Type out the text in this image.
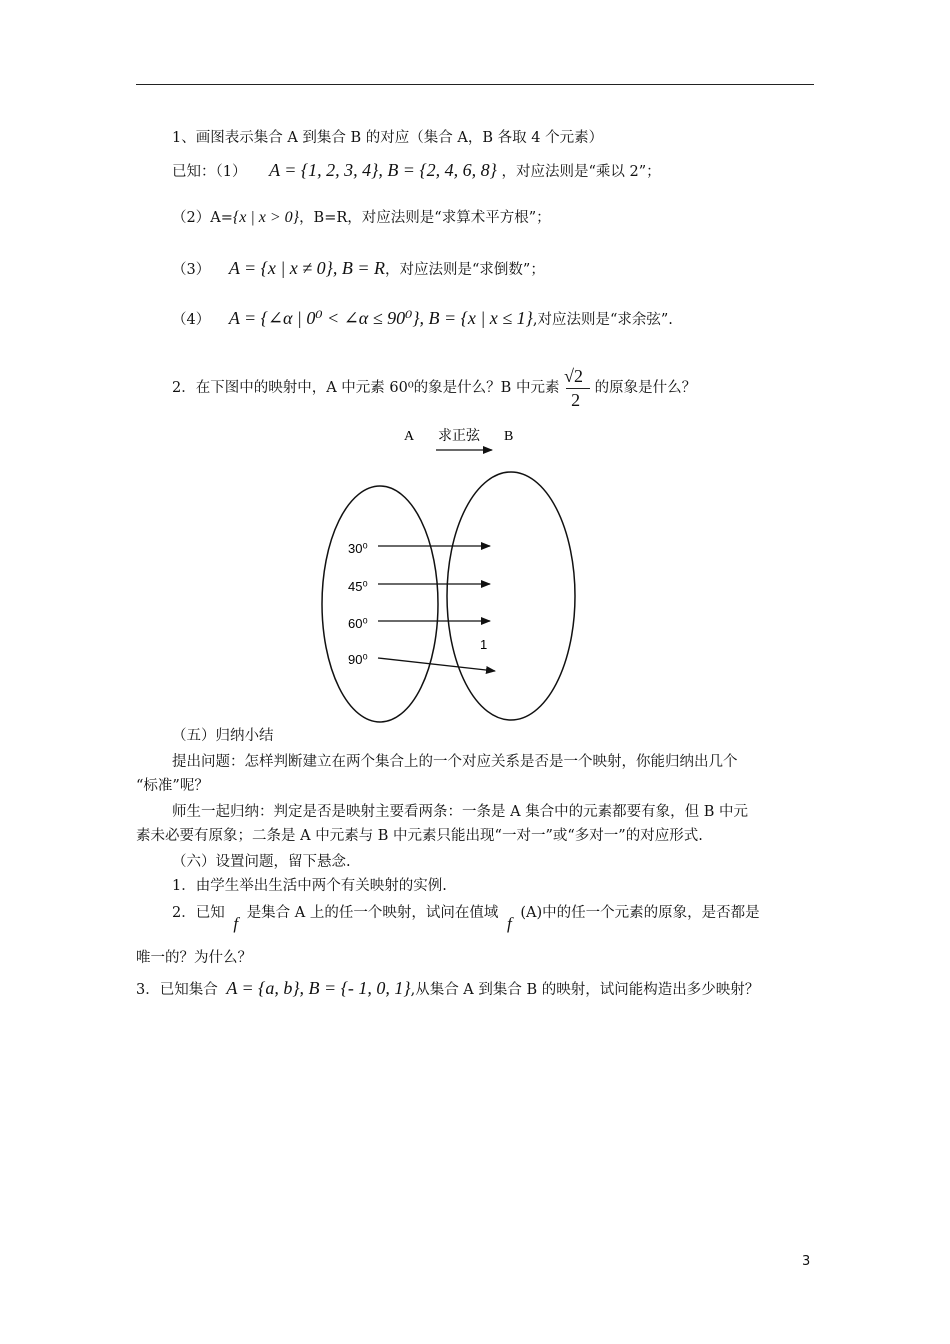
1、画图表示集合 A 到集合 B 的对应（集合 A，B 各取 4 个元素）
已知：（1） A = {1, 2, 3, 4}, B = {2, 4, 6, 8} ，对应法则是“乘以 2”；
（2）A={x | x > 0}，B=R，对应法则是“求算术平方根”；
（3） A = {x | x ≠ 0}, B = R，对应法则是“求倒数”；
（4） A = {∠α | 0⁰ < ∠α ≤ 90⁰}, B = {x | x ≤ 1},对应法则是“求余弦”.
2．在下图中的映射中，A 中元素 60⁰的象是什么？B 中元素 $\frac{√2}{2}$ 的原象是什么？
A 求正弦 B
30⁰
45⁰
60⁰
1
90⁰
（五）归纳小结
提出问题：怎样判断建立在两个集合上的一个对应关系是否是一个映射，你能归纳出几个
“标准”呢？
师生一起归纳：判定是否是映射主要看两条：一条是 A 集合中的元素都要有象，但 B 中元
素未必要有原象；二条是 A 中元素与 B 中元素只能出现“一对一”或“多对一”的对应形式.
（六）设置问题，留下悬念.
1．由学生举出生活中两个有关映射的实例.
2．已知 f 是集合 A 上的任一个映射，试问在值域 f (A)中的任一个元素的原象，是否都是
唯一的？为什么？
3．已知集合 A = {a, b}, B = {- 1, 0, 1},从集合 A 到集合 B 的映射，试问能构造出多少映射？
3
